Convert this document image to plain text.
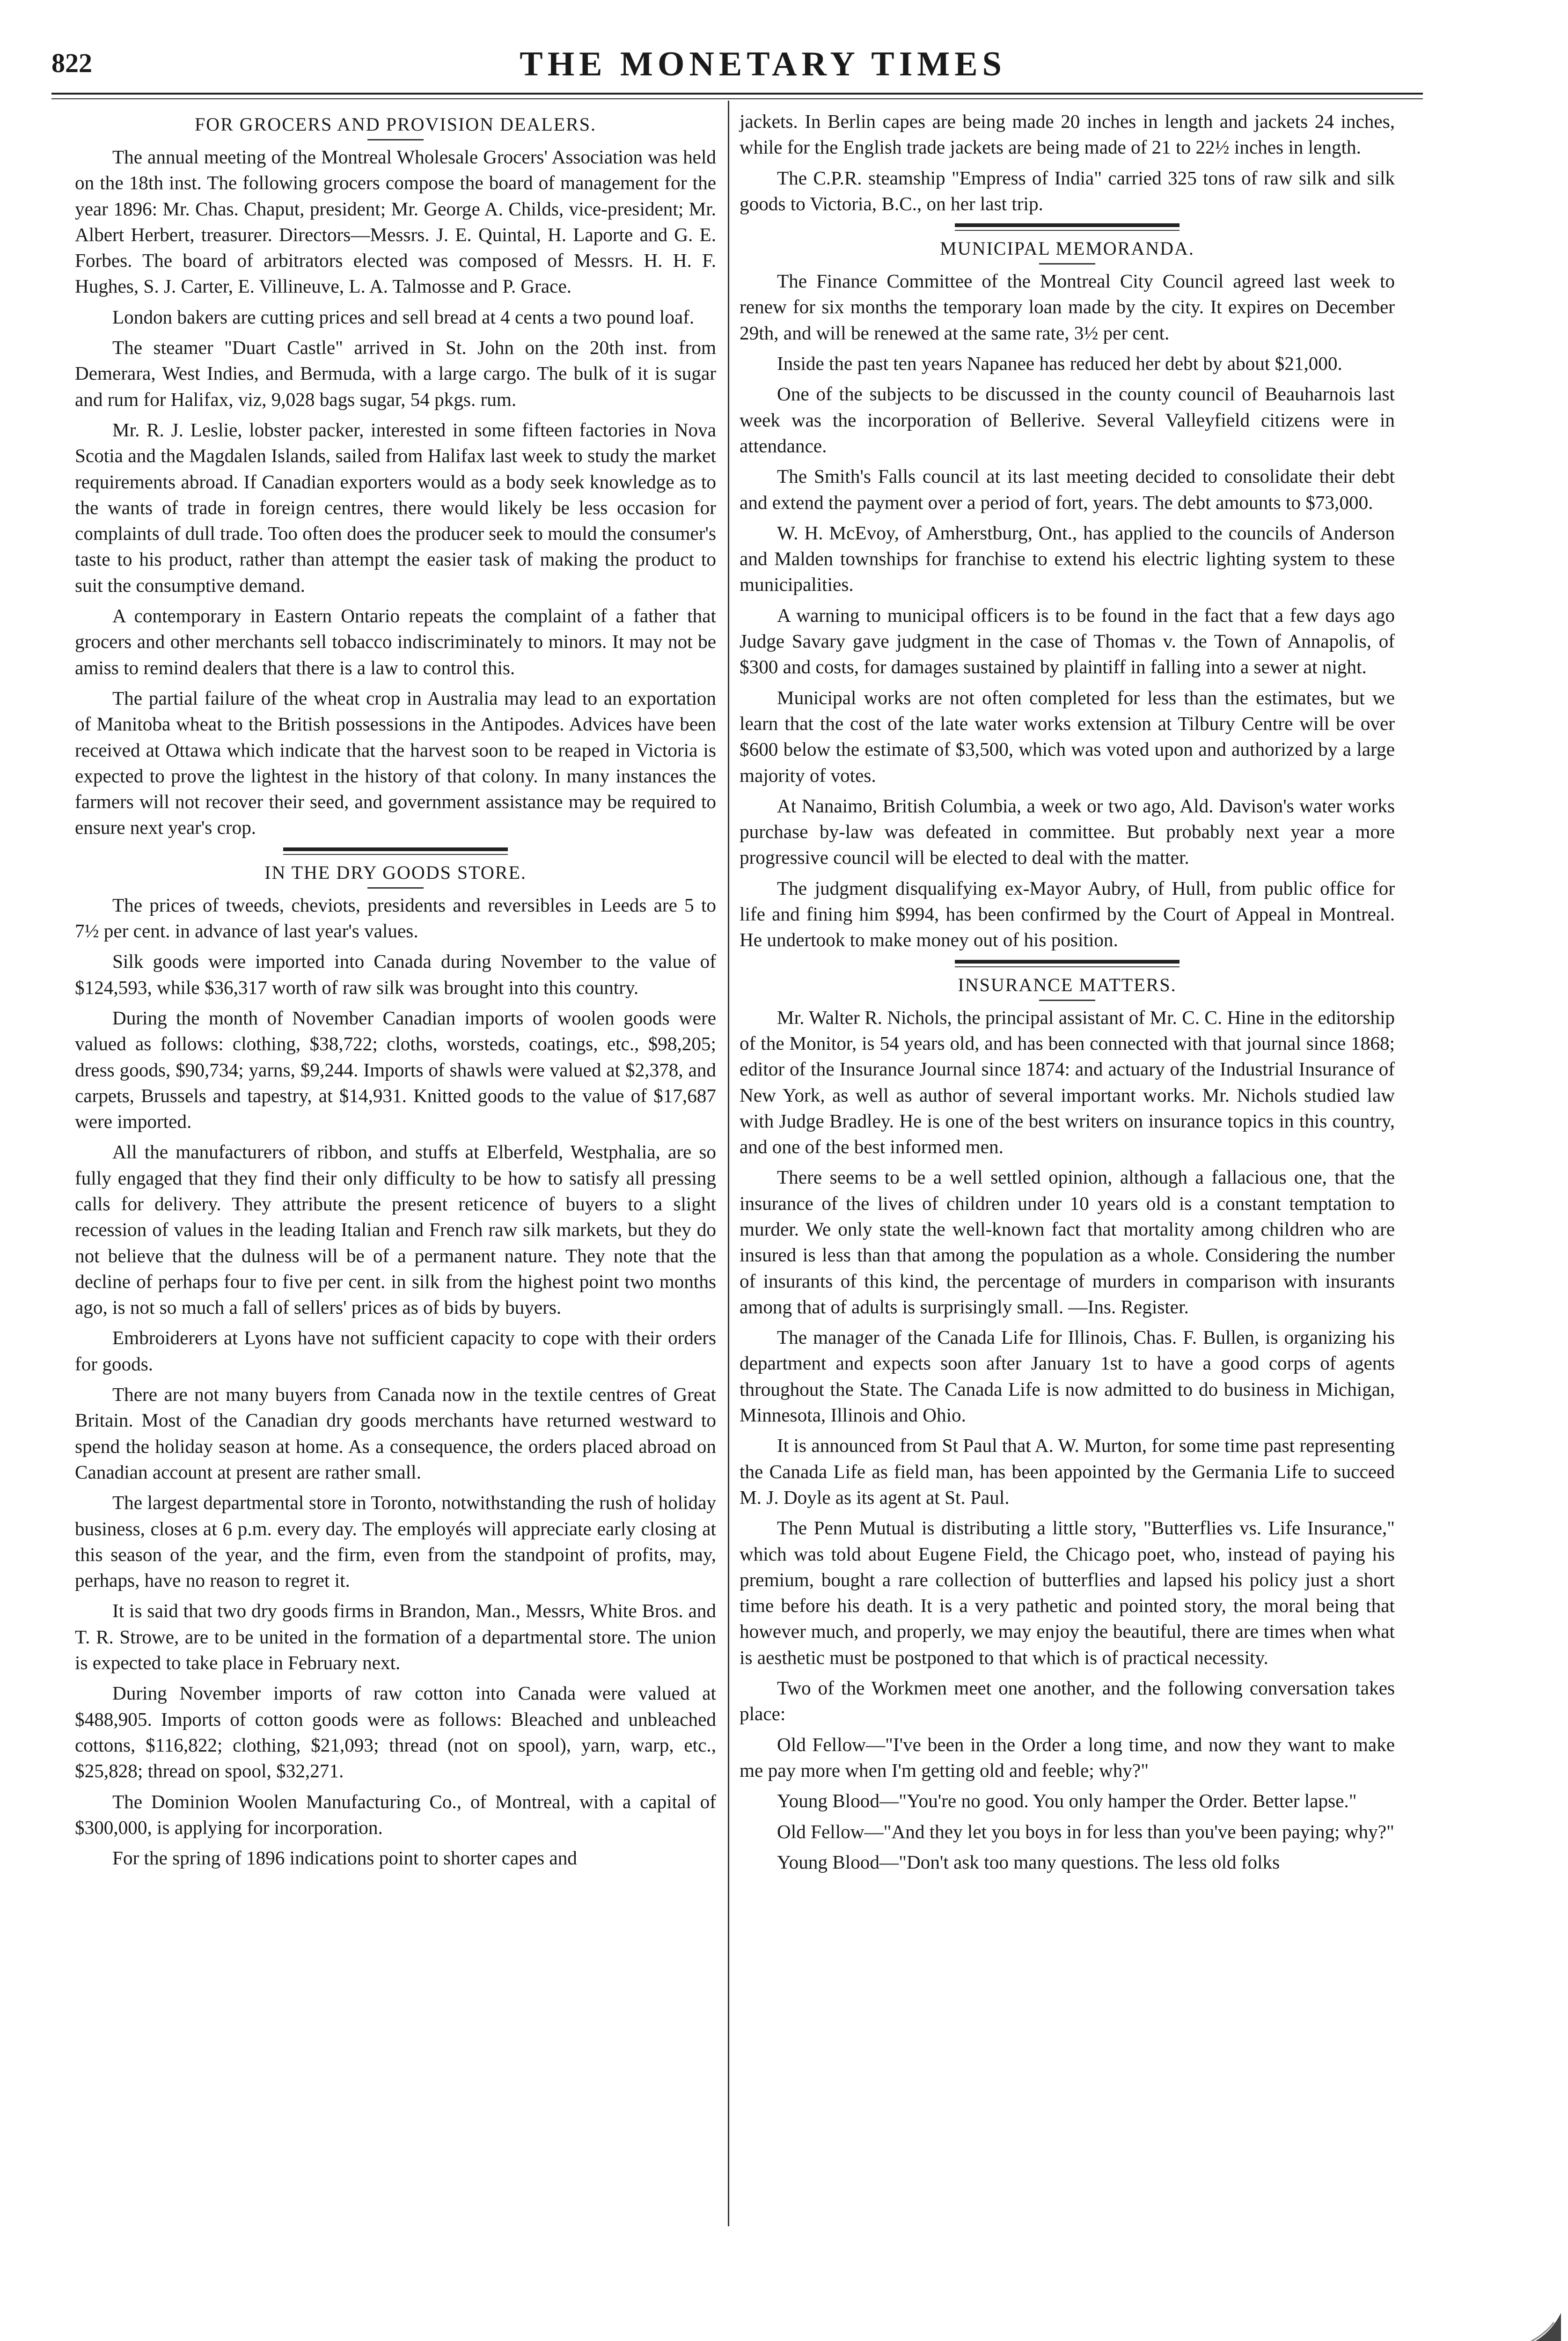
822	THE MONETARY TIMES
FOR GROCERS AND PROVISION DEALERS.

The annual meeting of the Montreal Wholesale Grocers' Association was held on the 18th inst. The following grocers compose the board of management for the year 1896: Mr. Chas. Chaput, president; Mr. George A. Childs, vice-president; Mr. Albert Herbert, treasurer. Directors—Messrs. J. E. Quintal, H. Laporte and G. E. Forbes. The board of arbitrators elected was composed of Messrs. H. H. F. Hughes, S. J. Carter, E. Villineuve, L. A. Talmosse and P. Grace.

London bakers are cutting prices and sell bread at 4 cents a two pound loaf.

The steamer "Duart Castle" arrived in St. John on the 20th inst. from Demerara, West Indies, and Bermuda, with a large cargo. The bulk of it is sugar and rum for Halifax, viz, 9,028 bags sugar, 54 pkgs. rum.

Mr. R. J. Leslie, lobster packer, interested in some fifteen factories in Nova Scotia and the Magdalen Islands, sailed from Halifax last week to study the market requirements abroad. If Canadian exporters would as a body seek knowledge as to the wants of trade in foreign centres, there would likely be less occasion for complaints of dull trade. Too often does the producer seek to mould the consumer's taste to his product, rather than attempt the easier task of making the product to suit the consumptive demand.

A contemporary in Eastern Ontario repeats the complaint of a father that grocers and other merchants sell tobacco indiscriminately to minors. It may not be amiss to remind dealers that there is a law to control this.

The partial failure of the wheat crop in Australia may lead to an exportation of Manitoba wheat to the British possessions in the Antipodes. Advices have been received at Ottawa which indicate that the harvest soon to be reaped in Victoria is expected to prove the lightest in the history of that colony. In many instances the farmers will not recover their seed, and government assistance may be required to ensure next year's crop.

IN THE DRY GOODS STORE.

The prices of tweeds, cheviots, presidents and reversibles in Leeds are 5 to 7½ per cent. in advance of last year's values.

Silk goods were imported into Canada during November to the value of $124,593, while $36,317 worth of raw silk was brought into this country.

During the month of November Canadian imports of woolen goods were valued as follows: clothing, $38,722; cloths, worsteds, coatings, etc., $98,205; dress goods, $90,734; yarns, $9,244. Imports of shawls were valued at $2,378, and carpets, Brussels and tapestry, at $14,931. Knitted goods to the value of $17,687 were imported.

All the manufacturers of ribbon, and stuffs at Elberfeld, Westphalia, are so fully engaged that they find their only difficulty to be how to satisfy all pressing calls for delivery. They attribute the present reticence of buyers to a slight recession of values in the leading Italian and French raw silk markets, but they do not believe that the dulness will be of a permanent nature. They note that the decline of perhaps four to five per cent. in silk from the highest point two months ago, is not so much a fall of sellers' prices as of bids by buyers.

Embroiderers at Lyons have not sufficient capacity to cope with their orders for goods.

There are not many buyers from Canada now in the textile centres of Great Britain. Most of the Canadian dry goods merchants have returned westward to spend the holiday season at home. As a consequence, the orders placed abroad on Canadian account at present are rather small.

The largest departmental store in Toronto, notwithstanding the rush of holiday business, closes at 6 p.m. every day. The employés will appreciate early closing at this season of the year, and the firm, even from the standpoint of profits, may, perhaps, have no reason to regret it.

It is said that two dry goods firms in Brandon, Man., Messrs, White Bros. and T. R. Strowe, are to be united in the formation of a departmental store. The union is expected to take place in February next.

During November imports of raw cotton into Canada were valued at $488,905. Imports of cotton goods were as follows: Bleached and unbleached cottons, $116,822; clothing, $21,093; thread (not on spool), yarn, warp, etc., $25,828; thread on spool, $32,271.

The Dominion Woolen Manufacturing Co., of Montreal, with a capital of $300,000, is applying for incorporation.

For the spring of 1896 indications point to shorter capes and

jackets. In Berlin capes are being made 20 inches in length and jackets 24 inches, while for the English trade jackets are being made of 21 to 22½ inches in length.

The C.P.R. steamship "Empress of India" carried 325 tons of raw silk and silk goods to Victoria, B.C., on her last trip.

MUNICIPAL MEMORANDA.

The Finance Committee of the Montreal City Council agreed last week to renew for six months the temporary loan made by the city. It expires on December 29th, and will be renewed at the same rate, 3½ per cent.

Inside the past ten years Napanee has reduced her debt by about $21,000.

One of the subjects to be discussed in the county council of Beauharnois last week was the incorporation of Bellerive. Several Valleyfield citizens were in attendance.

The Smith's Falls council at its last meeting decided to consolidate their debt and extend the payment over a period of fort, years. The debt amounts to $73,000.

W. H. McEvoy, of Amherstburg, Ont., has applied to the councils of Anderson and Malden townships for franchise to extend his electric lighting system to these municipalities.

A warning to municipal officers is to be found in the fact that a few days ago Judge Savary gave judgment in the case of Thomas v. the Town of Annapolis, of $300 and costs, for damages sustained by plaintiff in falling into a sewer at night.

Municipal works are not often completed for less than the estimates, but we learn that the cost of the late water works extension at Tilbury Centre will be over $600 below the estimate of $3,500, which was voted upon and authorized by a large majority of votes.

At Nanaimo, British Columbia, a week or two ago, Ald. Davison's water works purchase by-law was defeated in committee. But probably next year a more progressive council will be elected to deal with the matter.

The judgment disqualifying ex-Mayor Aubry, of Hull, from public office for life and fining him $994, has been confirmed by the Court of Appeal in Montreal. He undertook to make money out of his position.

INSURANCE MATTERS.

Mr. Walter R. Nichols, the principal assistant of Mr. C. C. Hine in the editorship of the Monitor, is 54 years old, and has been connected with that journal since 1868; editor of the Insurance Journal since 1874: and actuary of the Industrial Insurance of New York, as well as author of several important works. Mr. Nichols studied law with Judge Bradley. He is one of the best writers on insurance topics in this country, and one of the best informed men.

There seems to be a well settled opinion, although a fallacious one, that the insurance of the lives of children under 10 years old is a constant temptation to murder. We only state the well-known fact that mortality among children who are insured is less than that among the population as a whole. Considering the number of insurants of this kind, the percentage of murders in comparison with insurants among that of adults is surprisingly small. —Ins. Register.

The manager of the Canada Life for Illinois, Chas. F. Bullen, is organizing his department and expects soon after January 1st to have a good corps of agents throughout the State. The Canada Life is now admitted to do business in Michigan, Minnesota, Illinois and Ohio.

It is announced from St Paul that A. W. Murton, for some time past representing the Canada Life as field man, has been appointed by the Germania Life to succeed M. J. Doyle as its agent at St. Paul.

The Penn Mutual is distributing a little story, "Butterflies vs. Life Insurance," which was told about Eugene Field, the Chicago poet, who, instead of paying his premium, bought a rare collection of butterflies and lapsed his policy just a short time before his death. It is a very pathetic and pointed story, the moral being that however much, and properly, we may enjoy the beautiful, there are times when what is aesthetic must be postponed to that which is of practical necessity.

Two of the Workmen meet one another, and the following conversation takes place:

Old Fellow—"I've been in the Order a long time, and now they want to make me pay more when I'm getting old and feeble; why?"

Young Blood—"You're no good. You only hamper the Order. Better lapse."

Old Fellow—"And they let you boys in for less than you've been paying; why?"

Young Blood—"Don't ask too many questions. The less old folks
